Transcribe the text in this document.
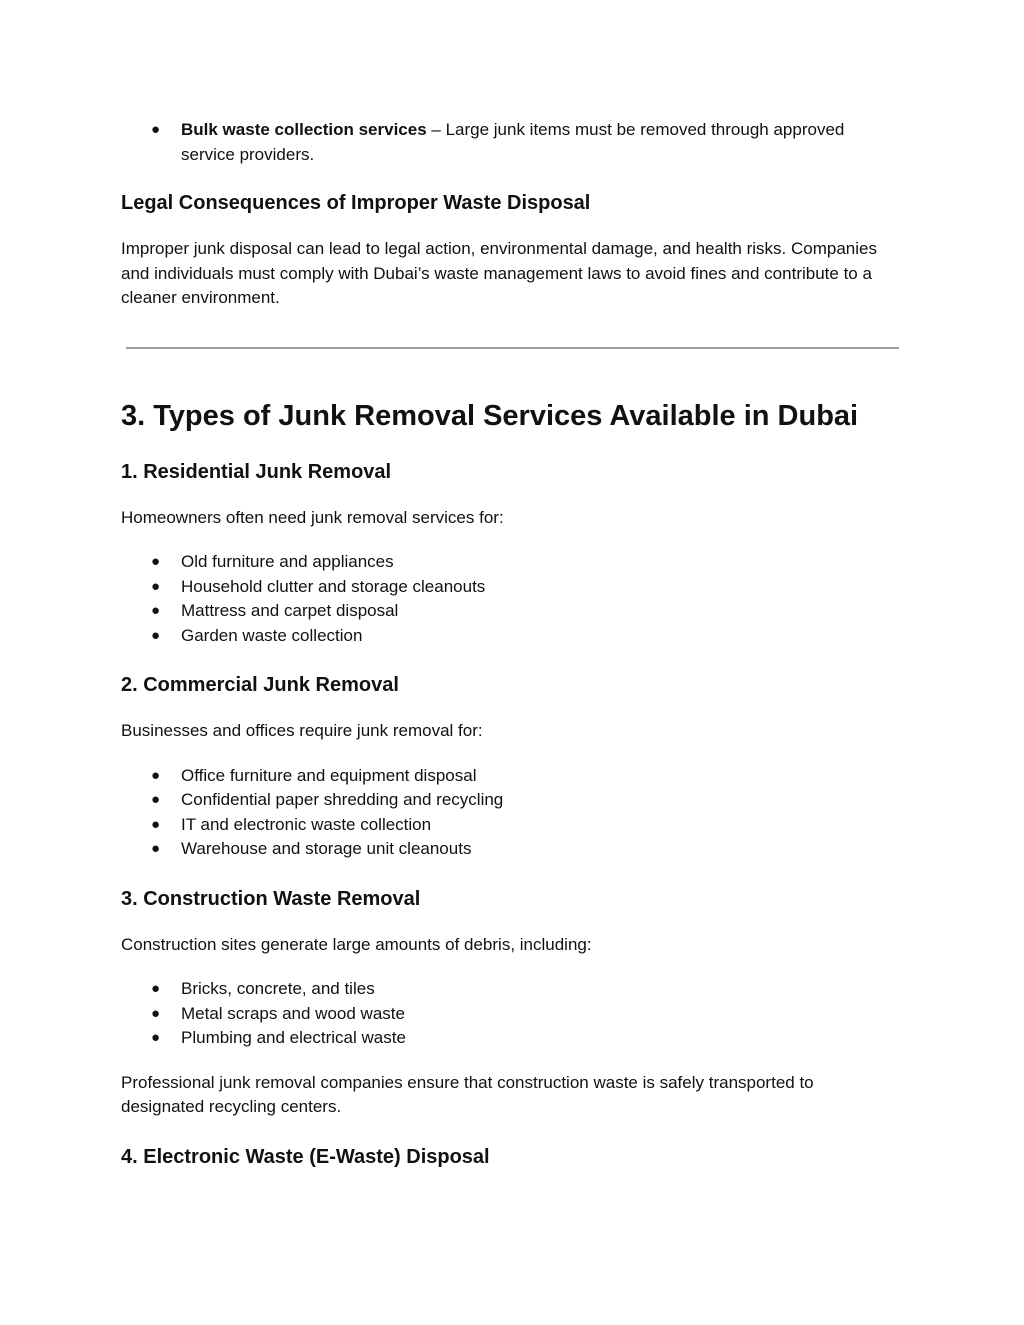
● Bulk waste collection services – Large junk items must be removed through approved service providers.
Legal Consequences of Improper Waste Disposal

Improper junk disposal can lead to legal action, environmental damage, and health risks. Companies and individuals must comply with Dubai’s waste management laws to avoid fines and contribute to a cleaner environment.

3. Types of Junk Removal Services Available in Dubai
1. Residential Junk Removal

Homeowners often need junk removal services for:

● Old furniture and appliances
● Household clutter and storage cleanouts
● Mattress and carpet disposal
● Garden waste collection
2. Commercial Junk Removal

Businesses and offices require junk removal for:

● Office furniture and equipment disposal
● Confidential paper shredding and recycling
● IT and electronic waste collection
● Warehouse and storage unit cleanouts
3. Construction Waste Removal

Construction sites generate large amounts of debris, including:

● Bricks, concrete, and tiles
● Metal scraps and wood waste
● Plumbing and electrical waste

Professional junk removal companies ensure that construction waste is safely transported to designated recycling centers.

4. Electronic Waste (E-Waste) Disposal
